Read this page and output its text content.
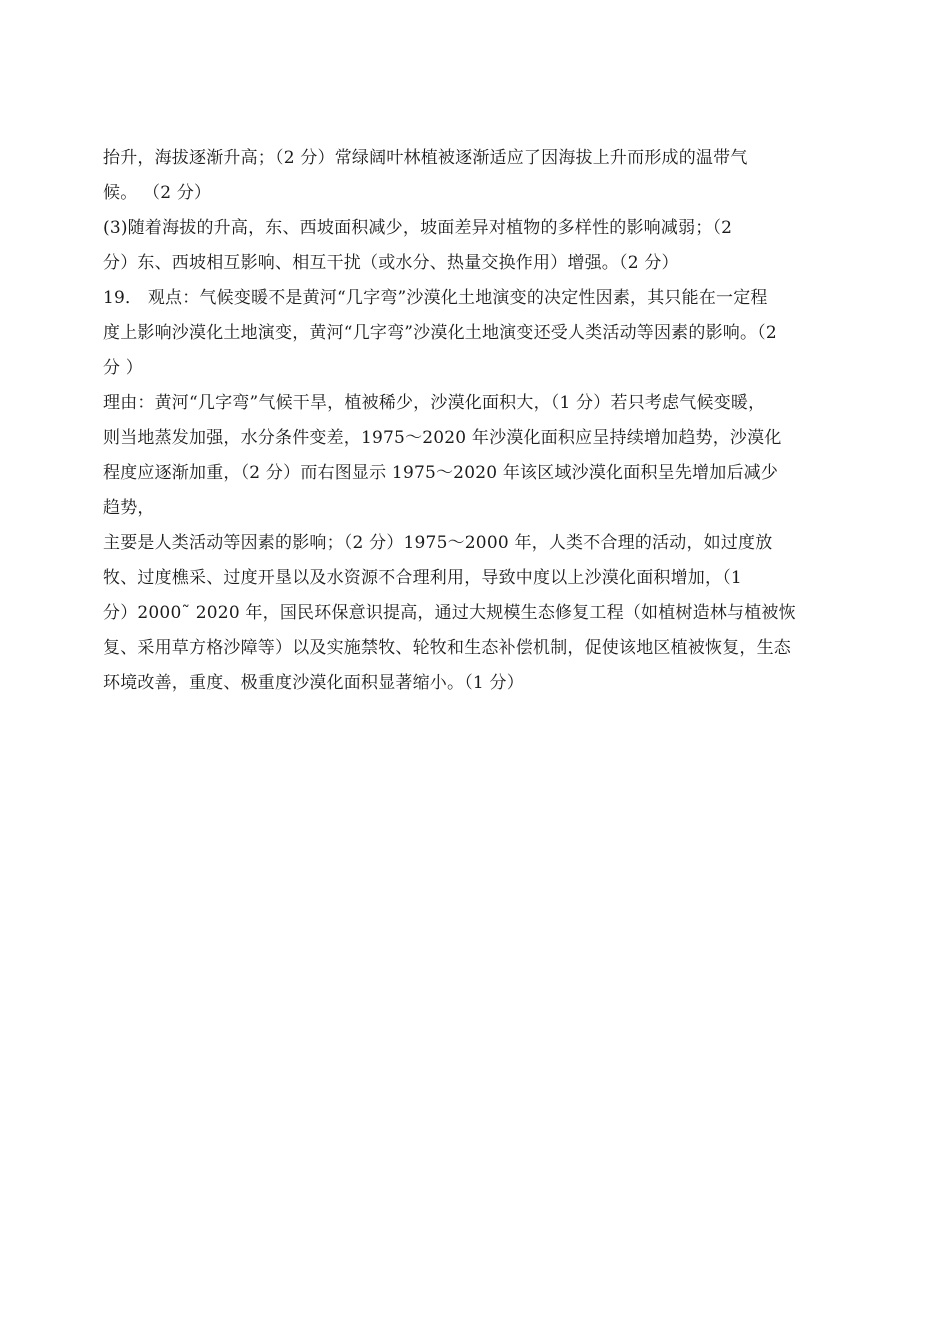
抬升，海拔逐渐升高；（2 分）常绿阔叶林植被逐渐适应了因海拔上升而形成的温带气
候。 （2 分）
(3)随着海拔的升高，东、西坡面积减少，坡面差异对植物的多样性的影响减弱；（2
分）东、西坡相互影响、相互干扰（或水分、热量交换作用）增强。（2 分）
19． 观点：气候变暖不是黄河“几字弯”沙漠化土地演变的决定性因素，其只能在一定程
度上影响沙漠化土地演变，黄河“几字弯”沙漠化土地演变还受人类活动等因素的影响。（2
分 ）
理由：黄河“几字弯”气候干旱，植被稀少，沙漠化面积大，（1 分）若只考虑气候变暖，
则当地蒸发加强，水分条件变差，1975～2020 年沙漠化面积应呈持续增加趋势，沙漠化
程度应逐渐加重，（2 分）而右图显示 1975～2020 年该区域沙漠化面积呈先增加后减少
趋势，
主要是人类活动等因素的影响；（2 分）1975～2000 年，人类不合理的活动，如过度放
牧、过度樵采、过度开垦以及水资源不合理利用，导致中度以上沙漠化面积增加，（1
分）2000˜ 2020 年，国民环保意识提高，通过大规模生态修复工程（如植树造林与植被恢
复、采用草方格沙障等）以及实施禁牧、轮牧和生态补偿机制，促使该地区植被恢复，生态
环境改善，重度、极重度沙漠化面积显著缩小。（1 分）
